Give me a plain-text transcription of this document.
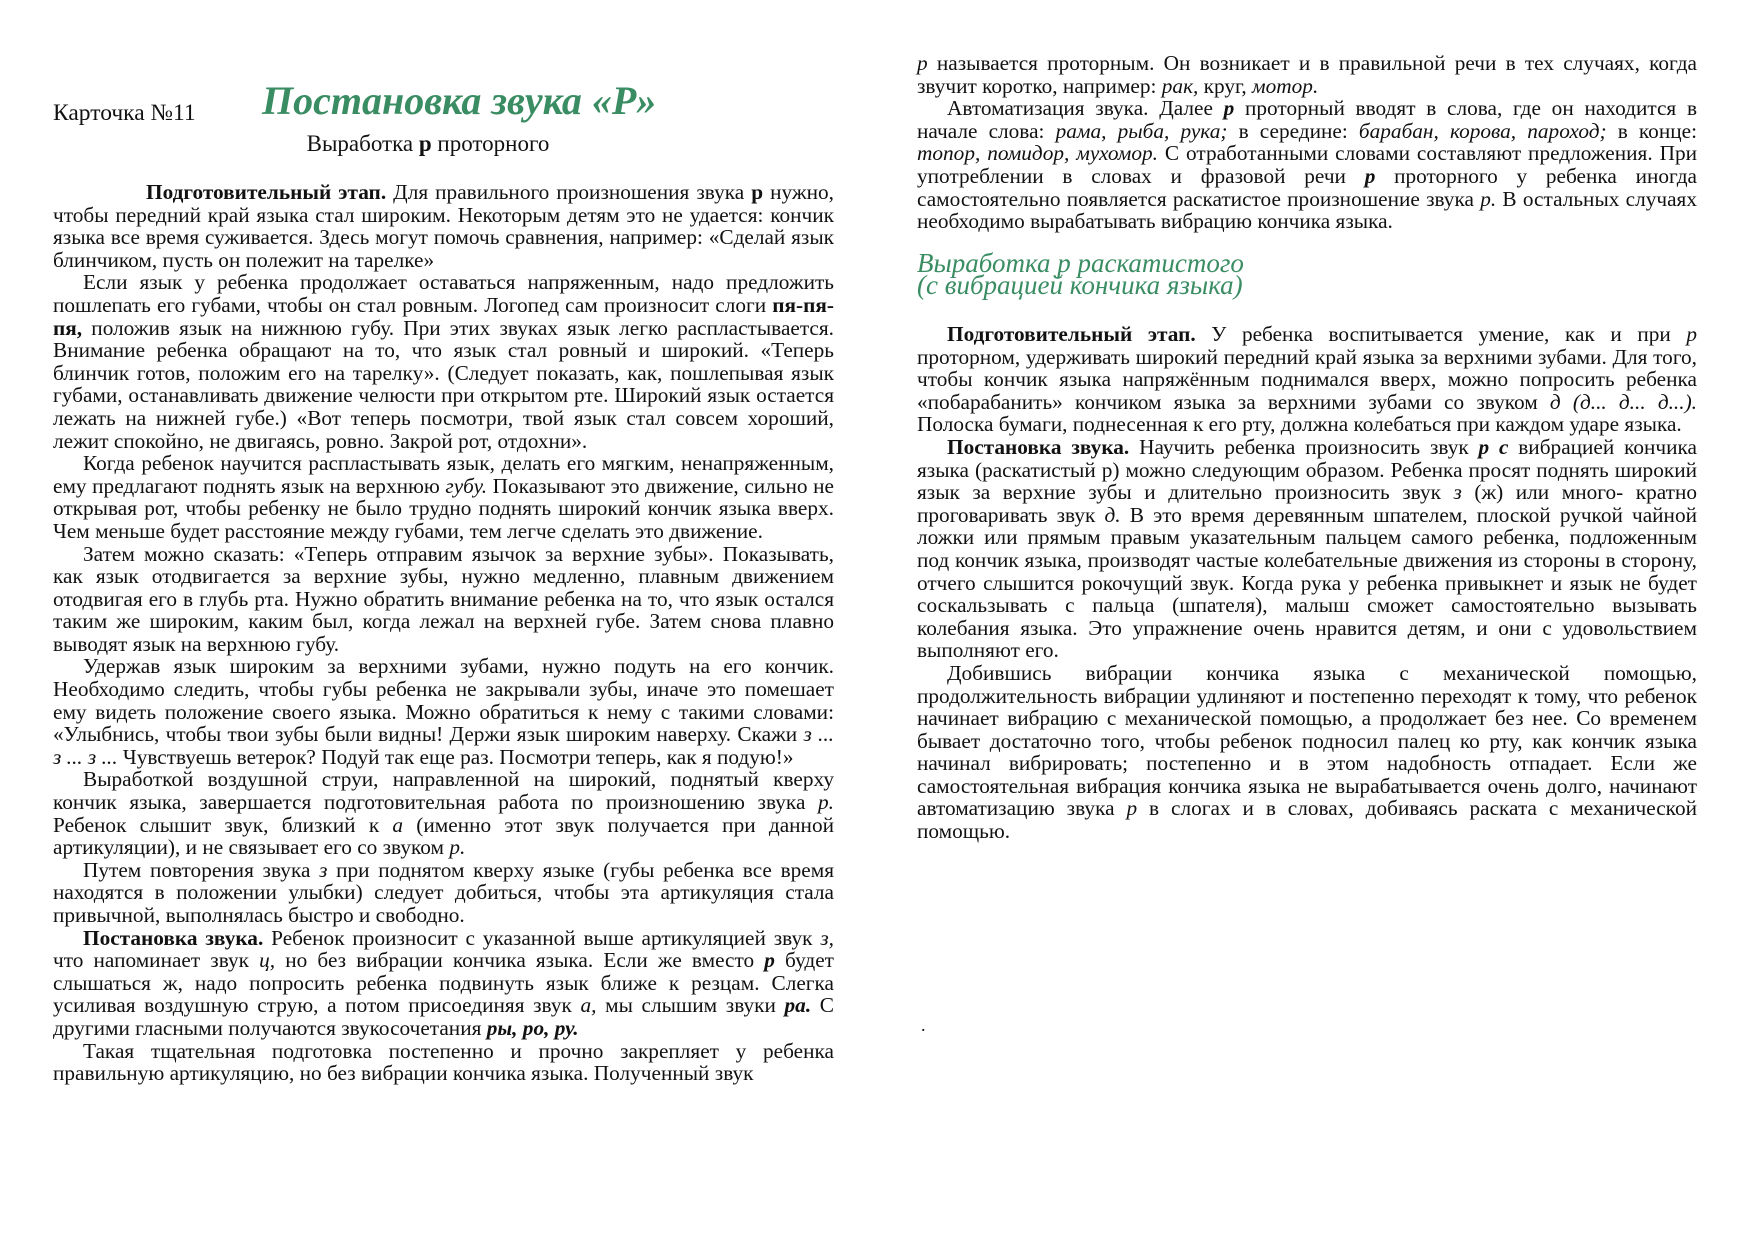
Карточка №11 Постановка звука «Р»
Выработка р проторного

Подготовительный этап. Для правильного произношения звука р нужно, чтобы передний край языка стал широким. Некоторым детям это не удается: кончик языка все время суживается. Здесь могут помочь сравнения, например: «Сделай язык блинчиком, пусть он полежит на тарелке»

Если язык у ребенка продолжает оставаться напряженным, надо предложить пошлепать его губами, чтобы он стал ровным. Логопед сам произносит слоги пя-пя-пя, положив язык на нижнюю губу. При этих звуках язык легко распластывается. Внимание ребенка обращают на то, что язык стал ровный и широкий. «Теперь блинчик готов, положим его на тарелку». (Следует показать, как, пошлепывая язык губами, останавливать движение челюсти при открытом рте. Широкий язык остается лежать на нижней губе.) «Вот теперь посмотри, твой язык стал совсем хороший, лежит спокойно, не двигаясь, ровно. Закрой рот, отдохни».

Когда ребенок научится распластывать язык, делать его мягким, ненапряженным, ему предлагают поднять язык на верхнюю губу. Показывают это движение, сильно не открывая рот, чтобы ребенку не было трудно поднять широкий кончик языка вверх. Чем меньше будет расстояние между губами, тем легче сделать это движение.

Затем можно сказать: «Теперь отправим язычок за верхние зубы». Показывать, как язык отодвигается за верхние зубы, нужно медленно, плавным движением отодвигая его в глубь рта. Нужно обратить внимание ребенка на то, что язык остался таким же широким, каким был, когда лежал на верхней губе. Затем снова плавно выводят язык на верхнюю губу.

Удержав язык широким за верхними зубами, нужно подуть на его кончик. Необходимо следить, чтобы губы ребенка не закрывали зубы, иначе это помешает ему видеть положение своего языка. Можно обратиться к нему с такими словами: «Улыбнись, чтобы твои зубы были видны! Держи язык широким наверху. Скажи з ... з ... з ... Чувствуешь ветерок? Подуй так еще раз. Посмотри теперь, как я подую!»

Выработкой воздушной струи, направленной на широкий, поднятый кверху кончик языка, завершается подготовительная работа по произношению звука р. Ребенок слышит звук, близкий к а (именно этот звук получается при данной артикуляции), и не связывает его со звуком р.

Путем повторения звука з при поднятом кверху языке (губы ребенка все время находятся в положении улыбки) следует добиться, чтобы эта артикуляция стала привычной, выполнялась быстро и свободно.

Постановка звука. Ребенок произносит с указанной выше артикуляцией звук з, что напоминает звук ц, но без вибрации кончика языка. Если же вместо р будет слышаться ж, надо попросить ребенка подвинуть язык ближе к резцам. Слегка усиливая воздушную струю, а потом присоединяя звук а, мы слышим звуки ра. С другими гласными получаются звукосочетания ры, ро, ру.

Такая тщательная подготовка постепенно и прочно закрепляет у ребенка правильную артикуляцию, но без вибрации кончика языка. Полученный звук

р называется проторным. Он возникает и в правильной речи в тех случаях, когда звучит коротко, например: рак, круг, мотор.

Автоматизация звука. Далее р проторный вводят в слова, где он находится в начале слова: рама, рыба, рука; в середине: барабан, корова, пароход; в конце: топор, помидор, мухомор. С отработанными словами составляют предложения. При употреблении в словах и фразовой речи р проторного у ребенка иногда самостоятельно появляется раскатистое произношение звука р. В остальных случаях необходимо вырабатывать вибрацию кончика языка.

Выработка р раскатистого

(с вибрацией кончика языка)

Подготовительный этап. У ребенка воспитывается умение, как и при р проторном, удерживать широкий передний край языка за верхними зубами. Для того, чтобы кончик языка напряжённым поднимался вверх, можно попросить ребенка «побарабанить» кончиком языка за верхними зубами со звуком д (д... д... д...). Полоска бумаги, поднесенная к его рту, должна колебаться при каждом ударе языка.

Постановка звука. Научить ребенка произносить звук р с вибрацией кончика языка (раскатистый р) можно следующим образом. Ребенка просят поднять широкий язык за верхние зубы и длительно произносить звук з (ж) или много- кратно проговаривать звук д. В это время деревянным шпателем, плоской ручкой чайной ложки или прямым правым указательным пальцем самого ребенка, подложенным под кончик языка, производят частые колебательные движения из стороны в сторону, отчего слышится рокочущий звук. Когда рука у ребенка привыкнет и язык не будет соскальзывать с пальца (шпателя), малыш сможет самостоятельно вызывать колебания языка. Это упражнение очень нравится детям, и они с удовольствием выполняют его.

Добившись вибрации кончика языка с механической помощью, продолжительность вибрации удлиняют и постепенно переходят к тому, что ребенок начинает вибрацию с механической помощью, а продолжает без нее. Со временем бывает достаточно того, чтобы ребенок подносил палец ко рту, как кончик языка начинал вибрировать; постепенно и в этом надобность отпадает. Если же самостоятельная вибрация кончика языка не вырабатывается очень долго, начинают автоматизацию звука р в слогах и в словах, добиваясь раската с механической помощью.

.
